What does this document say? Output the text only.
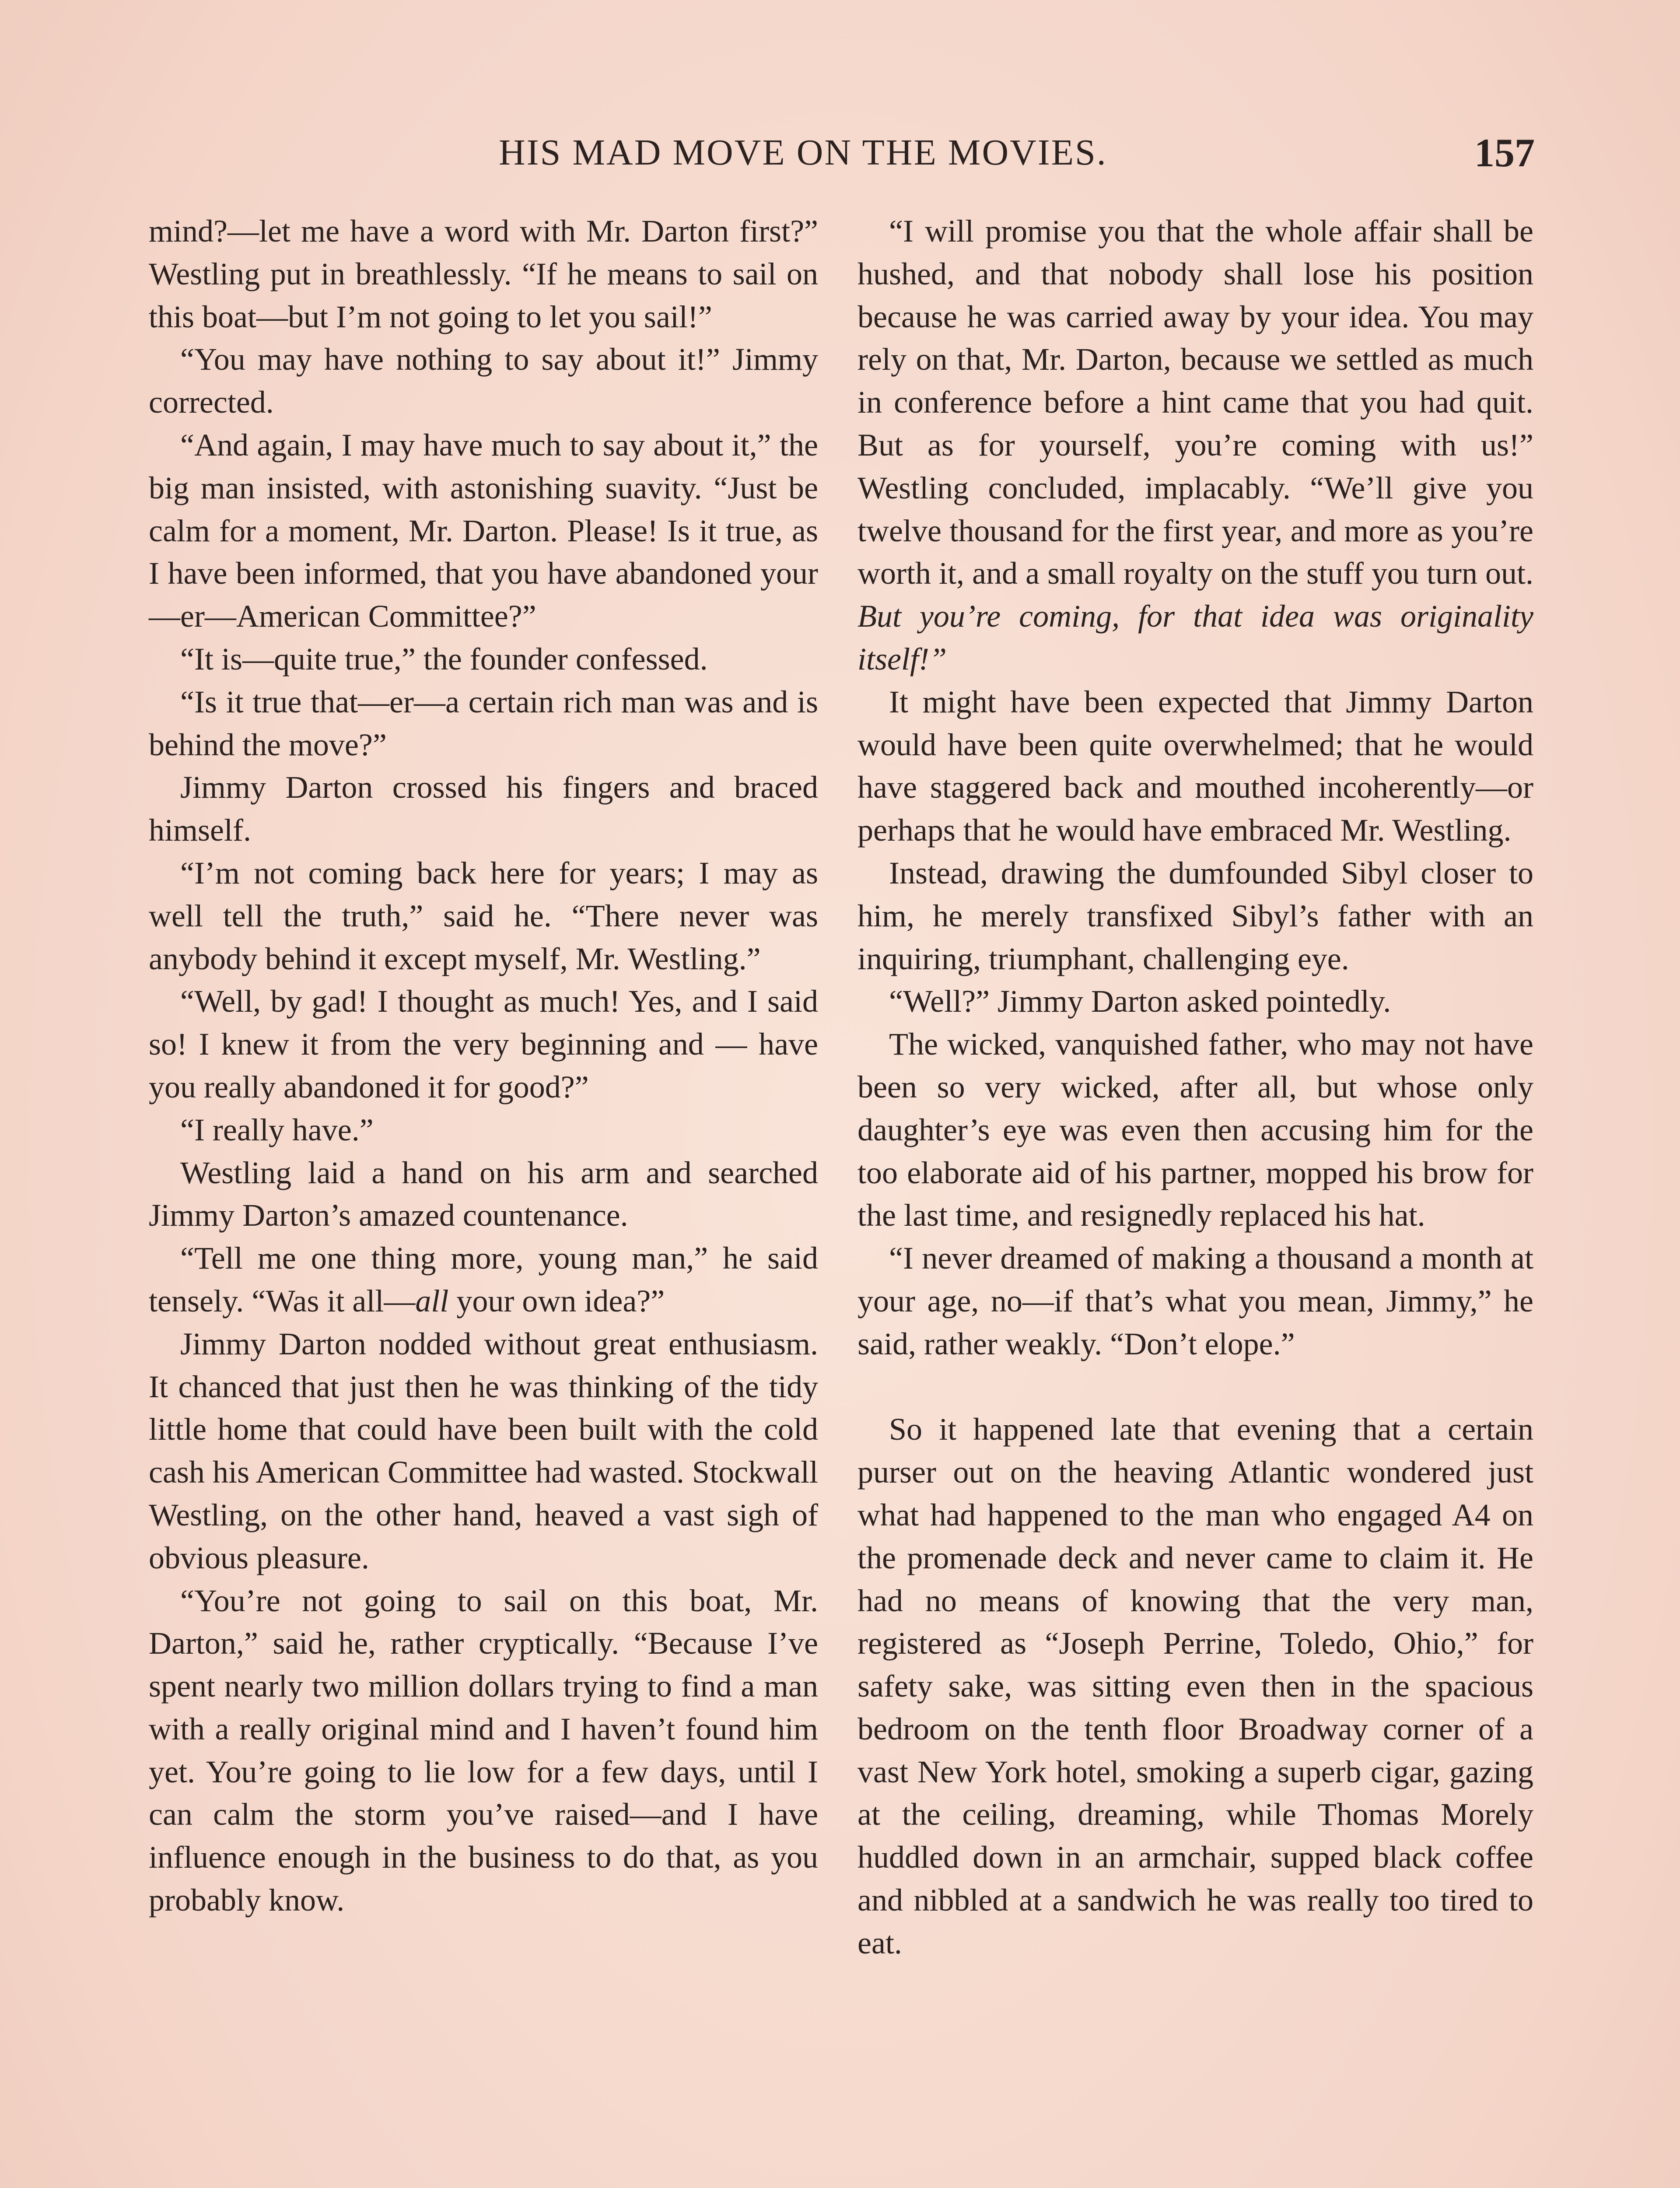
HIS MAD MOVE ON THE MOVIES.	157

mind?—let me have a word with Mr. Darton first?” Westling put in breathlessly. “If he means to sail on this boat—but I’m not going to let you sail!”

“You may have nothing to say about it!” Jimmy corrected.

“And again, I may have much to say about it,” the big man insisted, with astonishing suavity. “Just be calm for a moment, Mr. Darton. Please! Is it true, as I have been informed, that you have abandoned your—er—American Committee?”

“It is—quite true,” the founder confessed.

“Is it true that—er—a certain rich man was and is behind the move?”

Jimmy Darton crossed his fingers and braced himself.

“I’m not coming back here for years; I may as well tell the truth,” said he. “There never was anybody behind it except myself, Mr. Westling.”

“Well, by gad! I thought as much! Yes, and I said so! I knew it from the very beginning and — have you really abandoned it for good?”

“I really have.”

Westling laid a hand on his arm and searched Jimmy Darton’s amazed countenance.

“Tell me one thing more, young man,” he said tensely. “Was it all—all your own idea?”

Jimmy Darton nodded without great enthusiasm. It chanced that just then he was thinking of the tidy little home that could have been built with the cold cash his American Committee had wasted. Stockwall Westling, on the other hand, heaved a vast sigh of obvious pleasure.

“You’re not going to sail on this boat, Mr. Darton,” said he, rather cryptically. “Because I’ve spent nearly two million dollars trying to find a man with a really original mind and I haven’t found him yet. You’re going to lie low for a few days, until I can calm the storm you’ve raised—and I have influence enough in the business to do that, as you probably know.

“I will promise you that the whole affair shall be hushed, and that nobody shall lose his position because he was carried away by your idea. You may rely on that, Mr. Darton, because we settled as much in conference before a hint came that you had quit. But as for yourself, you’re coming with us!” Westling concluded, implacably. “We’ll give you twelve thousand for the first year, and more as you’re worth it, and a small royalty on the stuff you turn out. But you’re coming, for that idea was originality itself!”

It might have been expected that Jimmy Darton would have been quite overwhelmed; that he would have staggered back and mouthed incoherently—or perhaps that he would have embraced Mr. Westling.

Instead, drawing the dumfounded Sibyl closer to him, he merely transfixed Sibyl’s father with an inquiring, triumphant, challenging eye.

“Well?” Jimmy Darton asked pointedly.

The wicked, vanquished father, who may not have been so very wicked, after all, but whose only daughter’s eye was even then accusing him for the too elaborate aid of his partner, mopped his brow for the last time, and resignedly replaced his hat.

“I never dreamed of making a thousand a month at your age, no—if that’s what you mean, Jimmy,” he said, rather weakly. “Don’t elope.”

So it happened late that evening that a certain purser out on the heaving Atlantic wondered just what had happened to the man who engaged A4 on the promenade deck and never came to claim it. He had no means of knowing that the very man, registered as “Joseph Perrine, Toledo, Ohio,” for safety sake, was sitting even then in the spacious bedroom on the tenth floor Broadway corner of a vast New York hotel, smoking a superb cigar, gazing at the ceiling, dreaming, while Thomas Morely huddled down in an armchair, supped black coffee and nibbled at a sandwich he was really too tired to eat.
